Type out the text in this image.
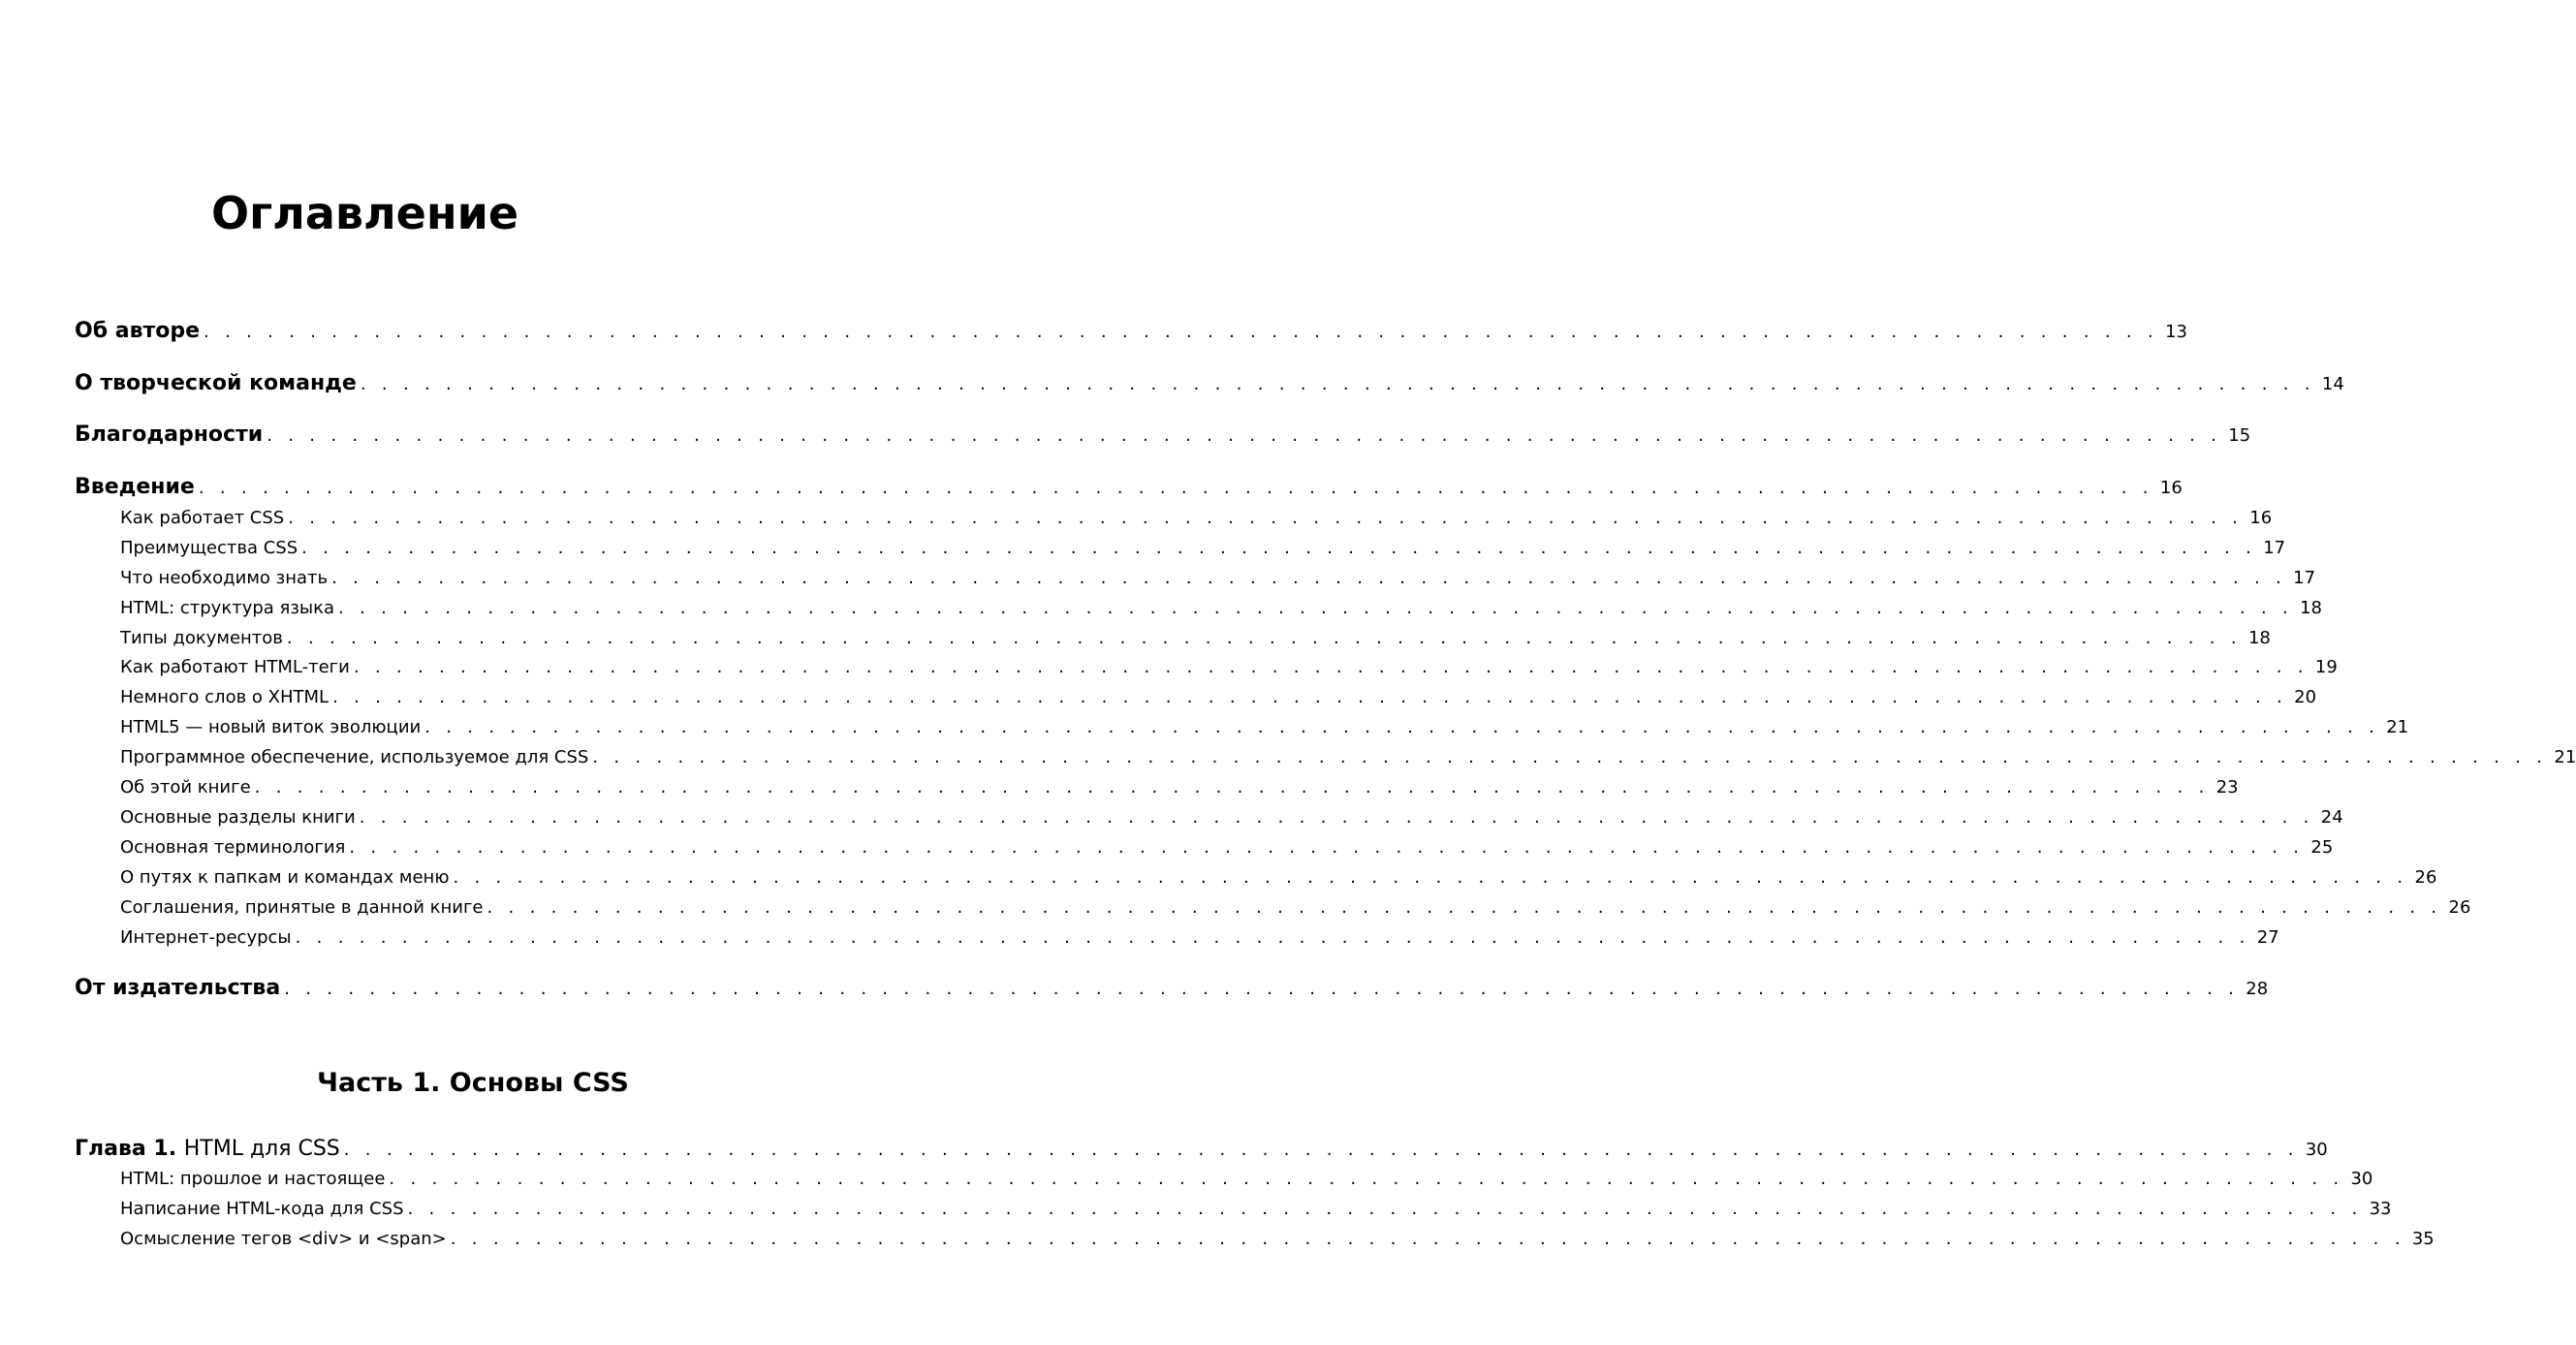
Оглавление
Об авторе . . . . . . . . . . . . . . . . . . . . . . . . . . . . . . . . . . . . . . . . . . . . . . . . . . . . . . . . . . . . . . . . . . . . . . . . . . . . . . . . . . . . . . . . . . . . 13
О творческой команде . . . . . . . . . . . . . . . . . . . . . . . . . . . . . . . . . . . . . . . . . . . . . . . . . . . . . . . . . . . . . . . . . . . . . . . . . . . . . . . . . . . . . . . . . . . . 14
Благодарности . . . . . . . . . . . . . . . . . . . . . . . . . . . . . . . . . . . . . . . . . . . . . . . . . . . . . . . . . . . . . . . . . . . . . . . . . . . . . . . . . . . . . . . . . . . . 15
Введение . . . . . . . . . . . . . . . . . . . . . . . . . . . . . . . . . . . . . . . . . . . . . . . . . . . . . . . . . . . . . . . . . . . . . . . . . . . . . . . . . . . . . . . . . . . . 16
Как работает CSS . . . . . . . . . . . . . . . . . . . . . . . . . . . . . . . . . . . . . . . . . . . . . . . . . . . . . . . . . . . . . . . . . . . . . . . . . . . . . . . . . . . . . . . . . . . . 16
Преимущества CSS . . . . . . . . . . . . . . . . . . . . . . . . . . . . . . . . . . . . . . . . . . . . . . . . . . . . . . . . . . . . . . . . . . . . . . . . . . . . . . . . . . . . . . . . . . . . 17
Что необходимо знать . . . . . . . . . . . . . . . . . . . . . . . . . . . . . . . . . . . . . . . . . . . . . . . . . . . . . . . . . . . . . . . . . . . . . . . . . . . . . . . . . . . . . . . . . . . . 17
HTML: структура языка . . . . . . . . . . . . . . . . . . . . . . . . . . . . . . . . . . . . . . . . . . . . . . . . . . . . . . . . . . . . . . . . . . . . . . . . . . . . . . . . . . . . . . . . . . . . 18
Типы документов . . . . . . . . . . . . . . . . . . . . . . . . . . . . . . . . . . . . . . . . . . . . . . . . . . . . . . . . . . . . . . . . . . . . . . . . . . . . . . . . . . . . . . . . . . . . 18
Как работают HTML-теги . . . . . . . . . . . . . . . . . . . . . . . . . . . . . . . . . . . . . . . . . . . . . . . . . . . . . . . . . . . . . . . . . . . . . . . . . . . . . . . . . . . . . . . . . . . . 19
Немного слов о XHTML . . . . . . . . . . . . . . . . . . . . . . . . . . . . . . . . . . . . . . . . . . . . . . . . . . . . . . . . . . . . . . . . . . . . . . . . . . . . . . . . . . . . . . . . . . . . 20
HTML5 — новый виток эволюции . . . . . . . . . . . . . . . . . . . . . . . . . . . . . . . . . . . . . . . . . . . . . . . . . . . . . . . . . . . . . . . . . . . . . . . . . . . . . . . . . . . . . . . . . . . . 21
Программное обеспечение, используемое для CSS . . . . . . . . . . . . . . . . . . . . . . . . . . . . . . . . . . . . . . . . . . . . . . . . . . . . . . . . . . . . . . . . . . . . . . . . . . . . . . . . . . . . . . . . . . . . 21
Об этой книге . . . . . . . . . . . . . . . . . . . . . . . . . . . . . . . . . . . . . . . . . . . . . . . . . . . . . . . . . . . . . . . . . . . . . . . . . . . . . . . . . . . . . . . . . . . . 23
Основные разделы книги . . . . . . . . . . . . . . . . . . . . . . . . . . . . . . . . . . . . . . . . . . . . . . . . . . . . . . . . . . . . . . . . . . . . . . . . . . . . . . . . . . . . . . . . . . . . 24
Основная терминология . . . . . . . . . . . . . . . . . . . . . . . . . . . . . . . . . . . . . . . . . . . . . . . . . . . . . . . . . . . . . . . . . . . . . . . . . . . . . . . . . . . . . . . . . . . . 25
О путях к папкам и командах меню . . . . . . . . . . . . . . . . . . . . . . . . . . . . . . . . . . . . . . . . . . . . . . . . . . . . . . . . . . . . . . . . . . . . . . . . . . . . . . . . . . . . . . . . . . . . 26
Соглашения, принятые в данной книге . . . . . . . . . . . . . . . . . . . . . . . . . . . . . . . . . . . . . . . . . . . . . . . . . . . . . . . . . . . . . . . . . . . . . . . . . . . . . . . . . . . . . . . . . . . . 26
Интернет-ресурсы . . . . . . . . . . . . . . . . . . . . . . . . . . . . . . . . . . . . . . . . . . . . . . . . . . . . . . . . . . . . . . . . . . . . . . . . . . . . . . . . . . . . . . . . . . . . 27
От издательства . . . . . . . . . . . . . . . . . . . . . . . . . . . . . . . . . . . . . . . . . . . . . . . . . . . . . . . . . . . . . . . . . . . . . . . . . . . . . . . . . . . . . . . . . . . . 28
Часть 1. Основы CSS
Глава 1. HTML для CSS . . . . . . . . . . . . . . . . . . . . . . . . . . . . . . . . . . . . . . . . . . . . . . . . . . . . . . . . . . . . . . . . . . . . . . . . . . . . . . . . . . . . . . . . . . . . 30
HTML: прошлое и настоящее . . . . . . . . . . . . . . . . . . . . . . . . . . . . . . . . . . . . . . . . . . . . . . . . . . . . . . . . . . . . . . . . . . . . . . . . . . . . . . . . . . . . . . . . . . . . 30
Написание HTML-кода для CSS . . . . . . . . . . . . . . . . . . . . . . . . . . . . . . . . . . . . . . . . . . . . . . . . . . . . . . . . . . . . . . . . . . . . . . . . . . . . . . . . . . . . . . . . . . . . 33
Осмысление тегов <div> и <span> . . . . . . . . . . . . . . . . . . . . . . . . . . . . . . . . . . . . . . . . . . . . . . . . . . . . . . . . . . . . . . . . . . . . . . . . . . . . . . . . . . . . . . . . . . . . 35
